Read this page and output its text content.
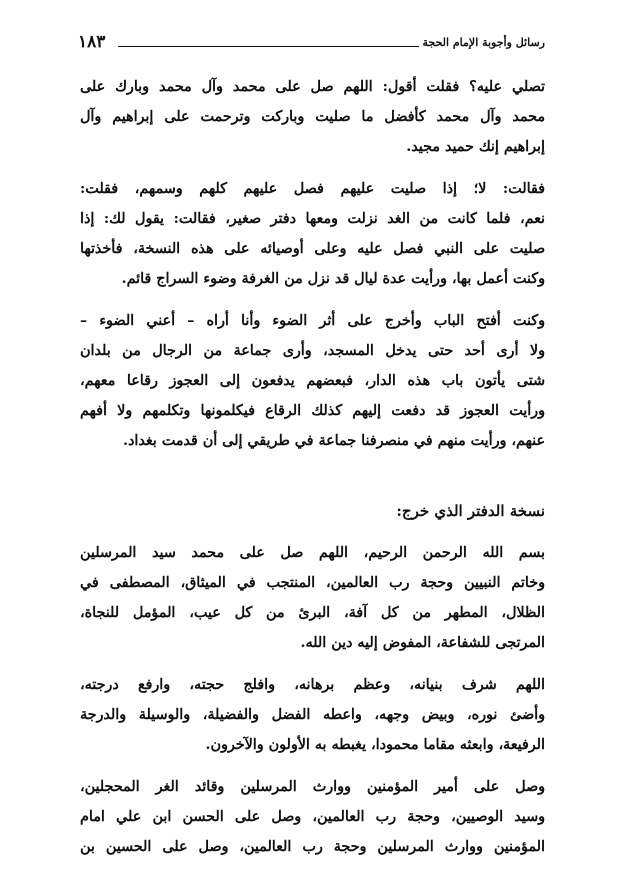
رسائل وأجوبة الإمام الحجة
١٨٣
تصلي عليه؟ فقلت أقول: اللهم صل على محمد وآل محمد وبارك على
محمد وآل محمد كأفضل ما صليت وباركت وترحمت على إبراهيم وآل
إبراهيم إنك حميد مجيد.
فقالت: لا؛ إذا صليت عليهم فصل عليهم كلهم وسمهم، فقلت:
نعم، فلما كانت من الغد نزلت ومعها دفتر صغير، فقالت: يقول لك: إذا
صليت على النبي فصل عليه وعلى أوصيائه على هذه النسخة، فأخذتها
وكنت أعمل بها، ورأيت عدة ليال قد نزل من الغرفة وضوء السراج قائم.
وكنت أفتح الباب وأخرج على أثر الضوء وأنا أراه – أعني الضوء –
ولا أرى أحد حتى يدخل المسجد، وأرى جماعة من الرجال من بلدان
شتى يأتون باب هذه الدار، فبعضهم يدفعون إلى العجوز رقاعا معهم،
ورأيت العجوز قد دفعت إليهم كذلك الرقاع فيكلمونها وتكلمهم ولا أفهم
عنهم، ورأيت منهم في منصرفنا جماعة في طريقي إلى أن قدمت بغداد.
نسخة الدفتر الذي خرج:
بسم الله الرحمن الرحيم، اللهم صل على محمد سيد المرسلين
وخاتم النبيين وحجة رب العالمين، المنتجب في الميثاق، المصطفى في
الظلال، المطهر من كل آفة، البرئ من كل عيب، المؤمل للنجاة،
المرتجى للشفاعة، المفوض إليه دين الله.
اللهم شرف بنيانه، وعظم برهانه، وافلج حجته، وارفع درجته،
وأضئ نوره، وبيض وجهه، واعطه الفضل والفضيلة، والوسيلة والدرجة
الرفيعة، وابعثه مقاما محمودا، يغبطه به الأولون والآخرون.
وصل على أمير المؤمنين ووارث المرسلين وقائد الغر المحجلين،
وسيد الوصيين، وحجة رب العالمين، وصل على الحسن ابن علي امام
المؤمنين ووارث المرسلين وحجة رب العالمين، وصل على الحسين بن
